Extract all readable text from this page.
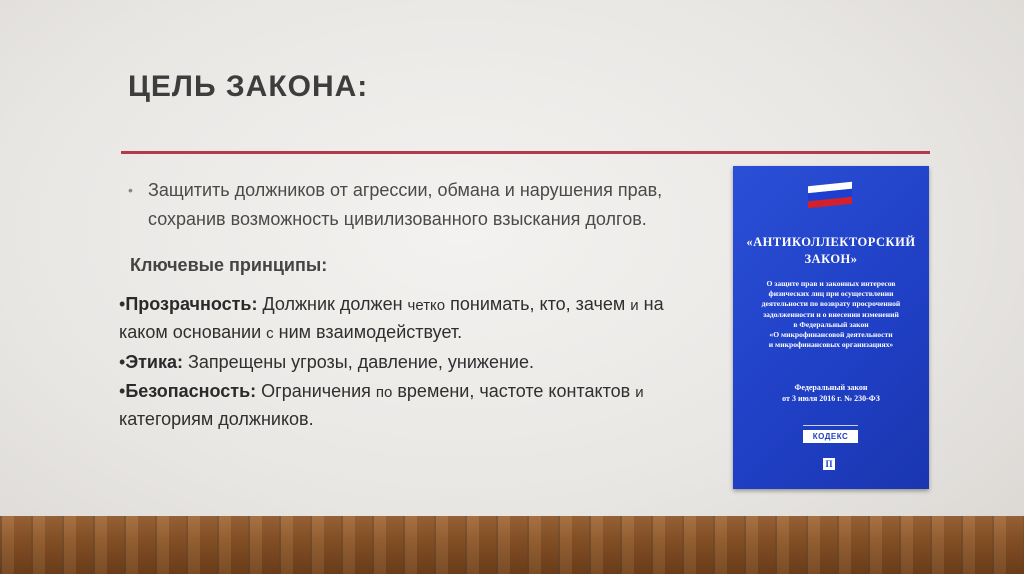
ЦЕЛЬ ЗАКОНА:
• Защитить должников от агрессии, обмана и нарушения прав, сохранив возможность цивилизованного взыскания долгов.
Ключевые принципы:

•Прозрачность: Должник должен четко понимать, кто, зачем и на каком основании с ним взаимодействует.

•Этика: Запрещены угрозы, давление, унижение.

•Безопасность: Ограничения по времени, частоте контактов и категориям должников.

«АНТИКОЛЛЕКТОРСКИЙ
ЗАКОН»
О защите прав и законных интересов
физических лиц при осуществлении
деятельности по возврату просроченной
задолженности и о внесении изменений
в Федеральный закон
«О микрофинансовой деятельности
и микрофинансовых организациях»
Федеральный закон
от 3 июля 2016 г. № 230-ФЗ
КОДЕКС
П
